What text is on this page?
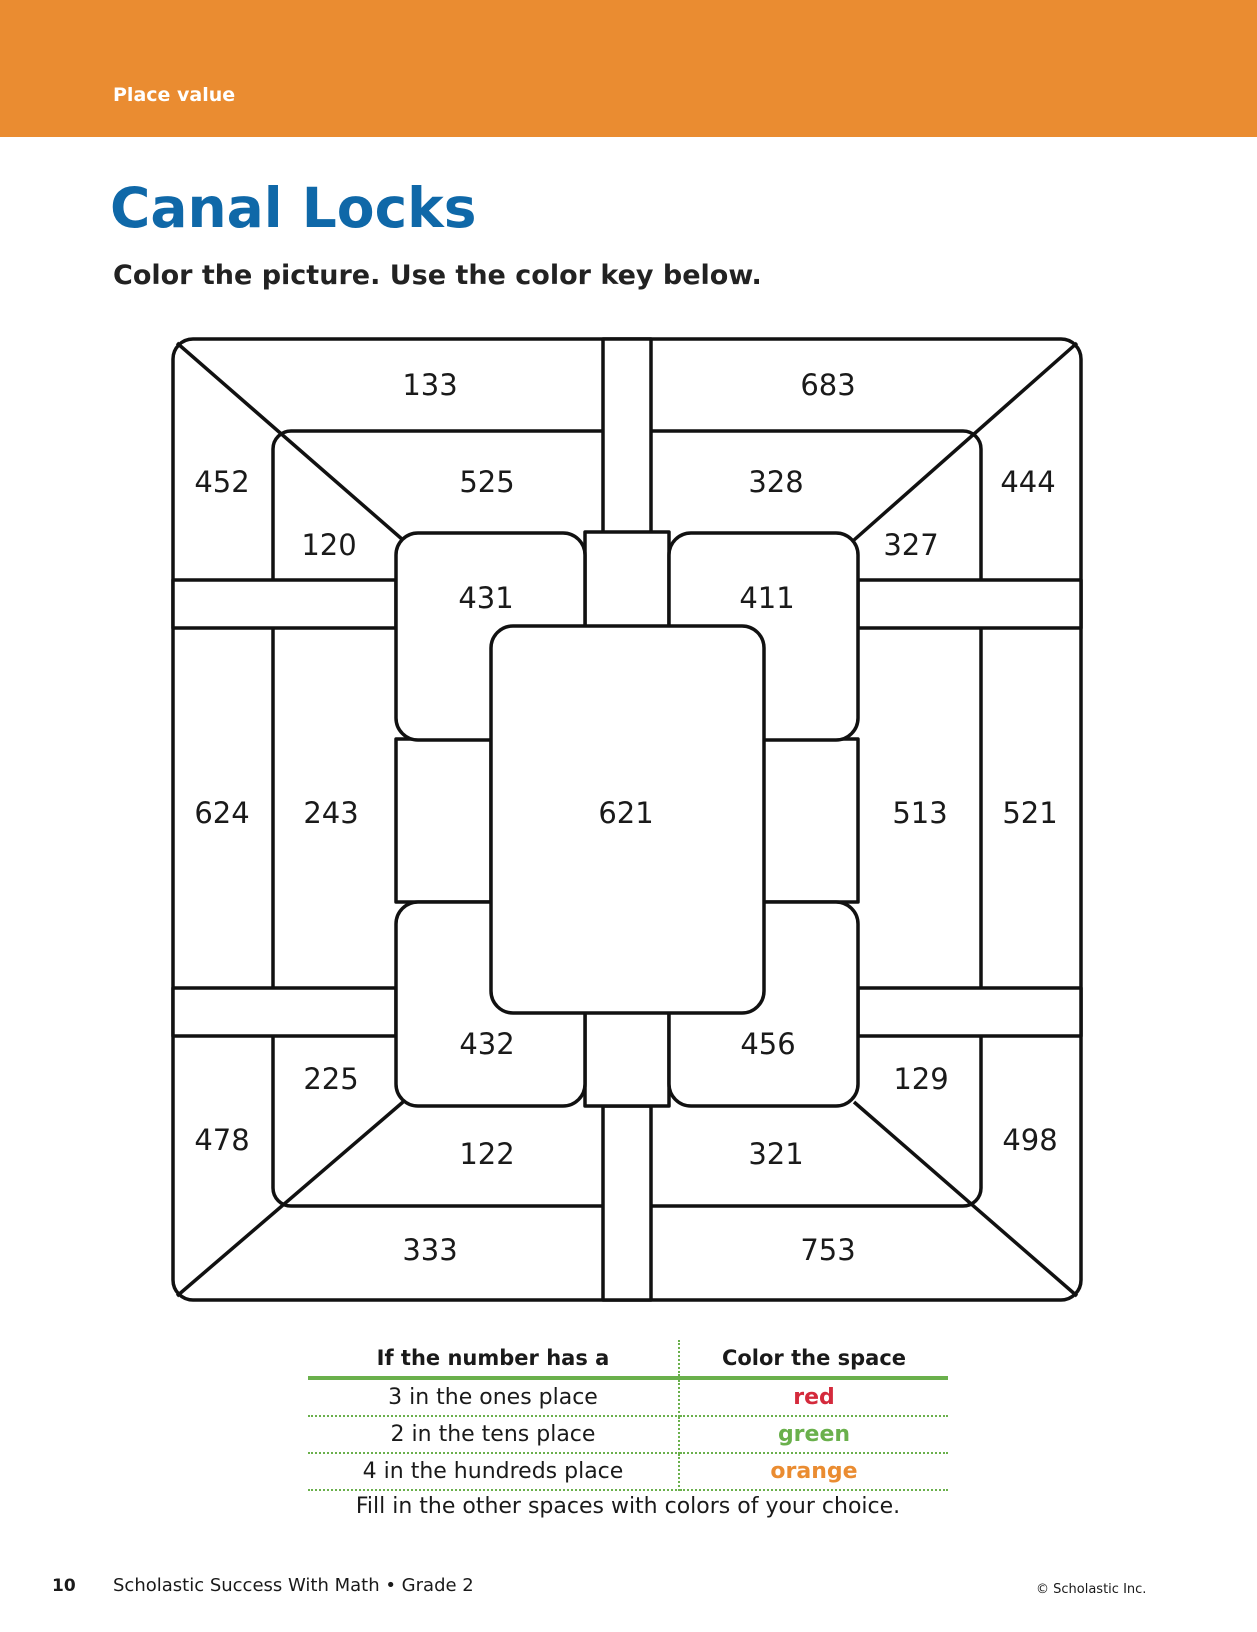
Place value
Canal Locks

Color the picture. Use the color key below.

133	683
525	328
452	444
120	327
431	411
624 243	621	513 521
432	456
225	129
478	498
122	321
333	753
If the number has a	Color the space
3 in the ones place	red
2 in the tens place	green
4 in the hundreds place	orange

Fill in the other spaces with colors of your choice.

10 Scholastic Success With Math • Grade 2	© Scholastic Inc.
